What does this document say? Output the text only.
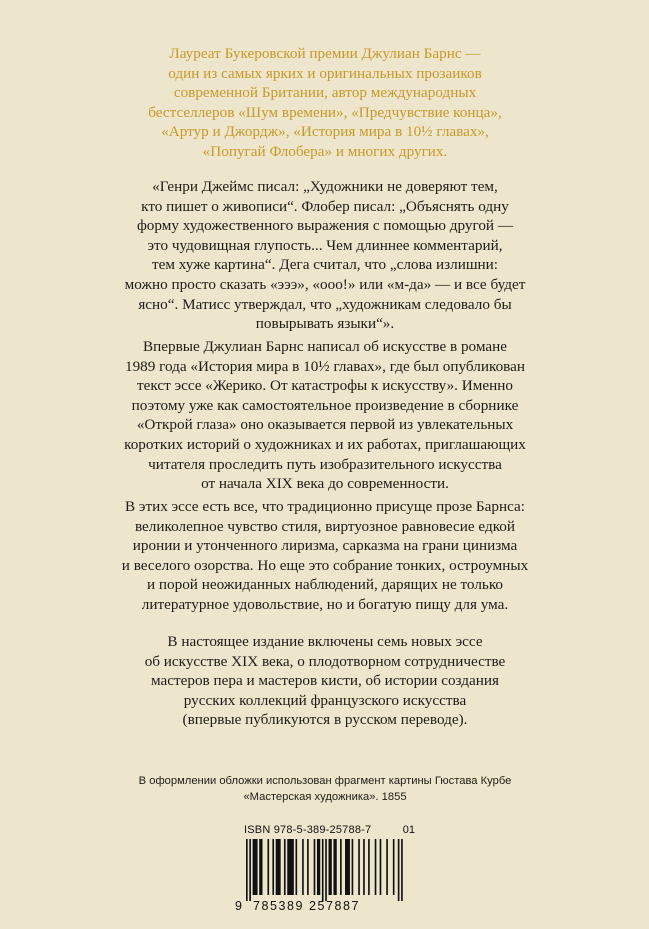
Лауреат Букеровской премии Джулиан Барнс —
один из самых ярких и оригинальных прозаиков
современной Британии, автор международных
бестселлеров «Шум времени», «Предчувствие конца»,
«Артур и Джордж», «История мира в 10½ главах»,
«Попугай Флобера» и многих других.
«Генри Джеймс писал: „Художники не доверяют тем,
кто пишет о живописи“. Флобер писал: „Объяснять одну
форму художественного выражения с помощью другой —
это чудовищная глупость... Чем длиннее комментарий,
тем хуже картина“. Дега считал, что „слова излишни:
можно просто сказать «эээ», «ооо!» или «м-да» — и все будет
ясно“. Матисс утверждал, что „художникам следовало бы
повырывать языки“».
Впервые Джулиан Барнс написал об искусстве в романе
1989 года «История мира в 10½ главах», где был опубликован
текст эссе «Жерико. От катастрофы к искусству». Именно
поэтому уже как самостоятельное произведение в сборнике
«Открой глаза» оно оказывается первой из увлекательных
коротких историй о художниках и их работах, приглашающих
читателя проследить путь изобразительного искусства
от начала XIX века до современности.
В этих эссе есть все, что традиционно присуще прозе Барнса:
великолепное чувство стиля, виртуозное равновесие едкой
иронии и утонченного лиризма, сарказма на грани цинизма
и веселого озорства. Но еще это собрание тонких, остроумных
и порой неожиданных наблюдений, дарящих не только
литературное удовольствие, но и богатую пищу для ума.
В настоящее издание включены семь новых эссе
об искусстве XIX века, о плодотворном сотрудничестве
мастеров пера и мастеров кисти, об истории создания
русских коллекций французского искусства
(впервые публикуются в русском переводе).
В оформлении обложки использован фрагмент картины Гюстава Курбе
«Мастерская художника». 1855
ISBN 978-5-389-25788-7	01
9 785389 257887
